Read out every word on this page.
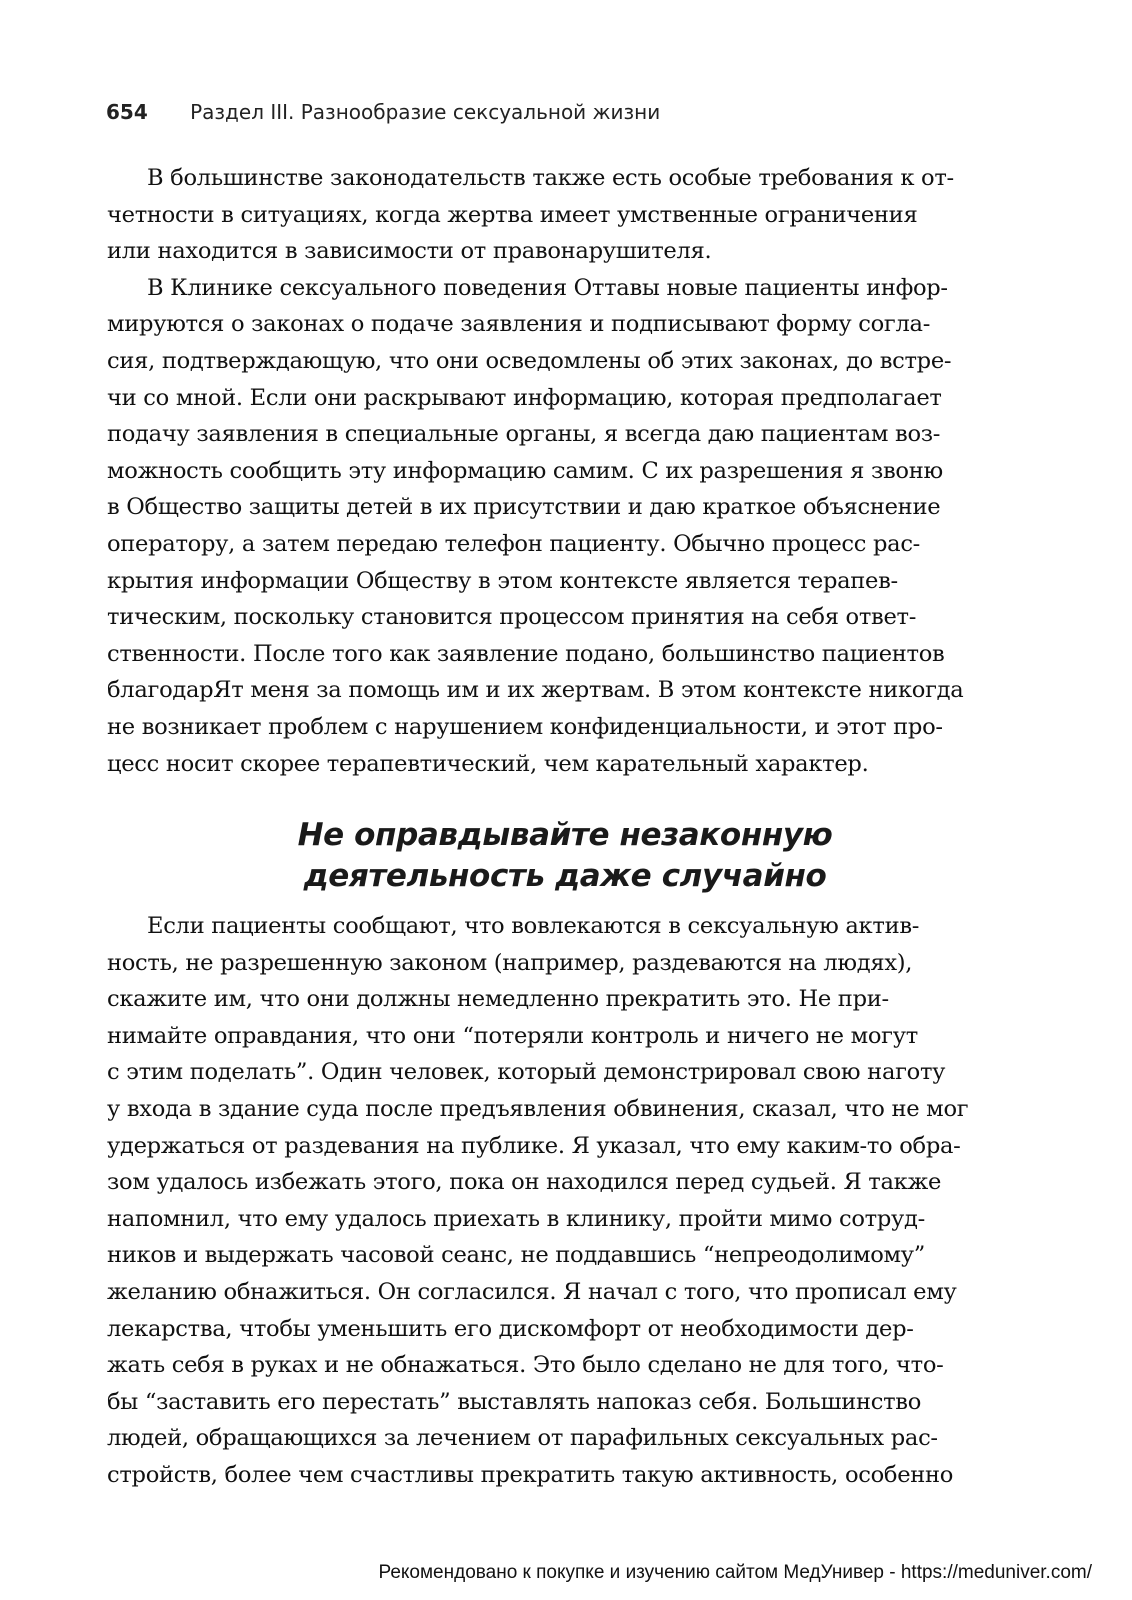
654 Раздел III. Разнообразие сексуальной жизни

В большинстве законодательств также есть особые требования к от-
четности в ситуациях, когда жертва имеет умственные ограничения
или находится в зависимости от правонарушителя.

В Клинике сексуального поведения Оттавы новые пациенты инфор-
мируются о законах о подаче заявления и подписывают форму согла-
сия, подтверждающую, что они осведомлены об этих законах, до встре-
чи со мной. Если они раскрывают информацию, которая предполагает
подачу заявления в специальные органы, я всегда даю пациентам воз-
можность сообщить эту информацию самим. С их разрешения я звоню
в Общество защиты детей в их присутствии и даю краткое объяснение
оператору, а затем передаю телефон пациенту. Обычно процесс рас-
крытия информации Обществу в этом контексте является терапев-
тическим, поскольку становится процессом принятия на себя ответ-
ственности. После того как заявление подано, большинство пациентов
благодарЯт меня за помощь им и их жертвам. В этом контексте никогда
не возникает проблем с нарушением конфиденциальности, и этот про-
цесс носит скорее терапевтический, чем карательный характер.

Не оправдывайте незаконную
деятельность даже случайно

Если пациенты сообщают, что вовлекаются в сексуальную актив-
ность, не разрешенную законом (например, раздеваются на людях),
скажите им, что они должны немедленно прекратить это. Не при-
нимайте оправдания, что они “потеряли контроль и ничего не могут
с этим поделать”. Один человек, который демонстрировал свою наготу
у входа в здание суда после предъявления обвинения, сказал, что не мог
удержаться от раздевания на публике. Я указал, что ему каким-то обра-
зом удалось избежать этого, пока он находился перед судьей. Я также
напомнил, что ему удалось приехать в клинику, пройти мимо сотруд-
ников и выдержать часовой сеанс, не поддавшись “непреодолимому”
желанию обнажиться. Он согласился. Я начал с того, что прописал ему
лекарства, чтобы уменьшить его дискомфорт от необходимости дер-
жать себя в руках и не обнажаться. Это было сделано не для того, что-
бы “заставить его перестать” выставлять напоказ себя. Большинство
людей, обращающихся за лечением от парафильных сексуальных рас-
стройств, более чем счастливы прекратить такую активность, особенно

Рекомендовано к покупке и изучению сайтом МедУнивер - https://meduniver.com/
